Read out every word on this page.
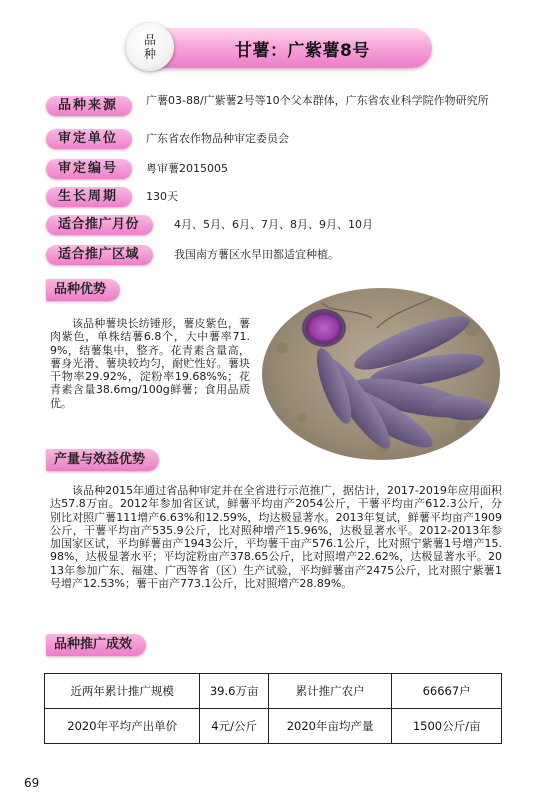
品种	甘薯：广紫薯8号
品种来源	广薯03-88/广紫薯2号等10个父本群体，广东省农业科学院作物研究所
审定单位	广东省农作物品种审定委员会
审定编号	粤审薯2015005
生长周期	130天
适合推广月份	4月、5月、6月、7月、8月、9月、10月
适合推广区域	我国南方薯区水旱田都适宜种植。
品种优势
该品种薯块长纺锤形，薯皮紫色，薯肉紫色，单株结薯6.8个，大中薯率71.9%，结薯集中，整齐。花青素含量高，薯身光滑、薯块较均匀，耐贮性好。薯块干物率29.92%，淀粉率19.68%%；花青素含量38.6mg/100g鲜薯；食用品质优。
产量与效益优势
该品种2015年通过省品种审定并在全省进行示范推广，据估计，2017-2019年应用面积达57.8万亩。2012年参加省区试，鲜薯平均亩产2054公斤，干薯平均亩产612.3公斤，分别比对照广薯111增产6.63%和12.59%，均达极显著水。2013年复试，鲜薯平均亩产1909公斤，干薯平均亩产535.9公斤，比对照种增产15.96%，达极显著水平。2012-2013年参加国家区试，平均鲜薯亩产1943公斤，平均薯干亩产576.1公斤，比对照宁紫薯1号增产15.98%，达极显著水平；平均淀粉亩产378.65公斤，比对照增产22.62%，达极显著水平。2013年参加广东、福建、广西等省（区）生产试验，平均鲜薯亩产2475公斤，比对照宁紫薯1号增产12.53%；薯干亩产773.1公斤，比对照增产28.89%。
品种推广成效
近两年累计推广规模	39.6万亩	累计推广农户	66667户
2020年平均产出单价	4元/公斤	2020年亩均产量	1500公斤/亩
69
